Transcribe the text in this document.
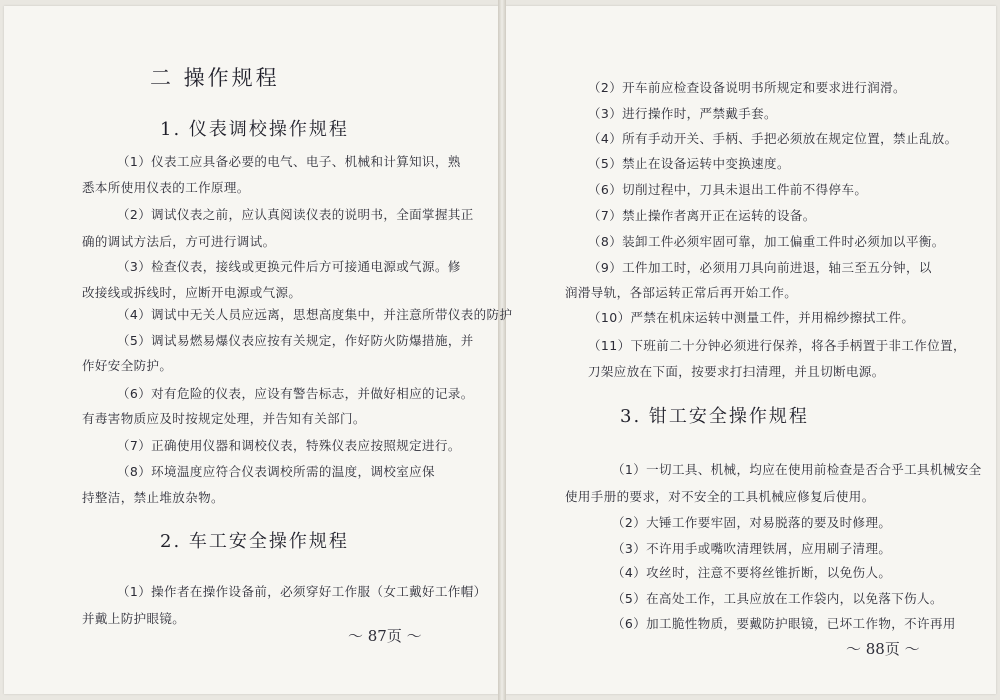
二 操作规程
1. 仪表调校操作规程
（1）仪表工应具备必要的电气、电子、机械和计算知识，熟
悉本所使用仪表的工作原理。
（2）调试仪表之前，应认真阅读仪表的说明书，全面掌握其正
确的调试方法后，方可进行调试。
（3）检查仪表，接线或更换元件后方可接通电源或气源。修
改接线或拆线时，应断开电源或气源。
（4）调试中无关人员应远离，思想高度集中，并注意所带仪表的防护
（5）调试易燃易爆仪表应按有关规定，作好防火防爆措施，并
作好安全防护。
（6）对有危险的仪表，应设有警告标志，并做好相应的记录。
有毒害物质应及时按规定处理，并告知有关部门。
（7）正确使用仪器和调校仪表，特殊仪表应按照规定进行。
（8）环境温度应符合仪表调校所需的温度，调校室应保
持整洁，禁止堆放杂物。
2. 车工安全操作规程
（1）操作者在操作设备前，必须穿好工作服（女工戴好工作帽）
并戴上防护眼镜。
～ 87页 ～
（2）开车前应检查设备说明书所规定和要求进行润滑。
（3）进行操作时，严禁戴手套。
（4）所有手动开关、手柄、手把必须放在规定位置，禁止乱放。
（5）禁止在设备运转中变换速度。
（6）切削过程中，刀具未退出工件前不得停车。
（7）禁止操作者离开正在运转的设备。
（8）装卸工件必须牢固可靠，加工偏重工件时必须加以平衡。
（9）工件加工时，必须用刀具向前进退，轴三至五分钟，以
润滑导轨，各部运转正常后再开始工作。
（10）严禁在机床运转中测量工件，并用棉纱擦拭工件。
（11）下班前二十分钟必须进行保养，将各手柄置于非工作位置，
刀架应放在下面，按要求打扫清理，并且切断电源。
3. 钳工安全操作规程
（1）一切工具、机械，均应在使用前检查是否合乎工具机械安全
使用手册的要求，对不安全的工具机械应修复后使用。
（2）大锤工作要牢固，对易脱落的要及时修理。
（3）不许用手或嘴吹清理铁屑，应用刷子清理。
（4）攻丝时，注意不要将丝锥折断，以免伤人。
（5）在高处工作，工具应放在工作袋内，以免落下伤人。
（6）加工脆性物质，要戴防护眼镜，已坏工作物，不许再用
～ 88页 ～
